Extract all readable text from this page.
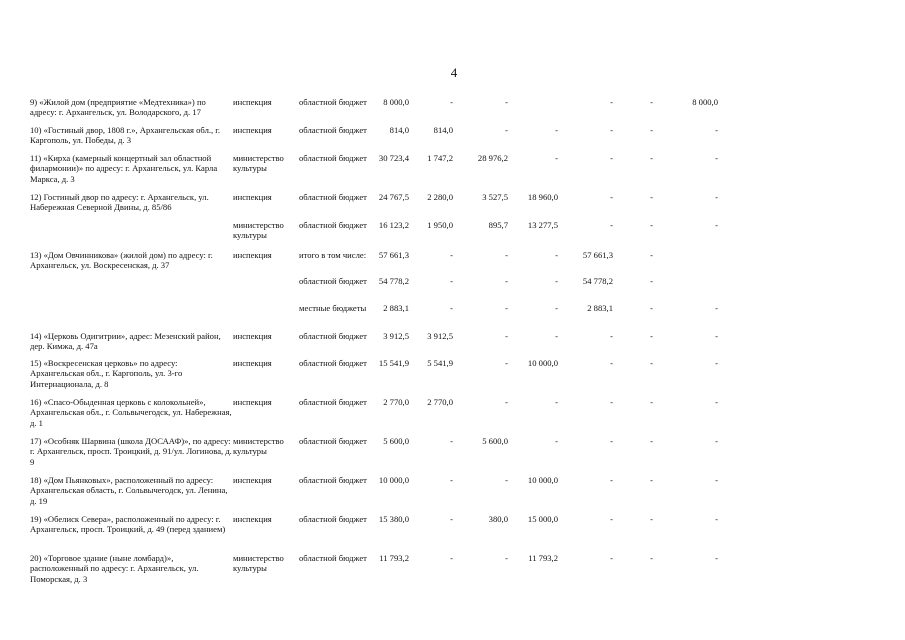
4
9) «Жилой дом (предприятие «Медтехника») по адресу: г. Архангельск, ул. Володарского, д. 17	инспекция	областной бюджет	8 000,0	-	-		-	-	8 000,0
10) «Гостиный двор, 1808 г.», Архангельская обл., г. Каргополь, ул. Победы, д. 3	инспекция	областной бюджет	814,0	814,0	-	-	-	-	-
11) «Кирха (камерный концертный зал областной филармонии)» по адресу: г. Архангельск, ул. Карла Маркса, д. 3	министерство культуры	областной бюджет	30 723,4	1 747,2	28 976,2	-	-	-	-
12) Гостиный двор по адресу: г. Архангельск, ул. Набережная Северной Двины, д. 85/86	инспекция	областной бюджет	24 767,5	2 280,0	3 527,5	18 960,0	-	-	-
	министерство культуры	областной бюджет	16 123,2	1 950,0	895,7	13 277,5	-	-	-
13) «Дом Овчинникова» (жилой дом) по адресу: г. Архангельск, ул. Воскресенская, д. 37	инспекция	итого в том числе:	57 661,3	-	-	-	57 661,3	-	
		областной бюджет	54 778,2	-	-	-	54 778,2	-	
		местные бюджеты	2 883,1	-	-	-	2 883,1	-	-
14) «Церковь Одигитрии», адрес: Мезенский район, дер. Кимжа, д. 47а	инспекция	областной бюджет	3 912,5	3 912,5	-	-	-	-	-
15) «Воскресенская церковь» по адресу: Архангельская обл., г. Каргополь, ул. 3-го Интернационала, д. 8	инспекция	областной бюджет	15 541,9	5 541,9	-	10 000,0	-	-	-
16) «Спасо-Обыденная церковь с колокольней», Архангельская обл., г. Сольвычегодск, ул. Набережная, д. 1	инспекция	областной бюджет	2 770,0	2 770,0	-	-	-	-	-
17) «Особняк Шарвина (школа ДОСААФ)», по адресу: г. Архангельск, просп. Троицкий, д. 91/ул. Логинова, д. 9	министерство культуры	областной бюджет	5 600,0	-	5 600,0	-	-	-	-
18) «Дом Пьянковых», расположенный по адресу: Архангельская область, г. Сольвычегодск, ул. Ленина, д. 19	инспекция	областной бюджет	10 000,0	-	-	10 000,0	-	-	-
19) «Обелиск Севера», расположенный по адресу: г. Архангельск, просп. Троицкий, д. 49 (перед зданием)	инспекция	областной бюджет	15 380,0	-	380,0	15 000,0	-	-	-
20) «Торговое здание (ныне ломбард)», расположенный по адресу: г. Архангельск, ул. Поморская, д. 3	министерство культуры	областной бюджет	11 793,2	-	-	11 793,2	-	-	-
